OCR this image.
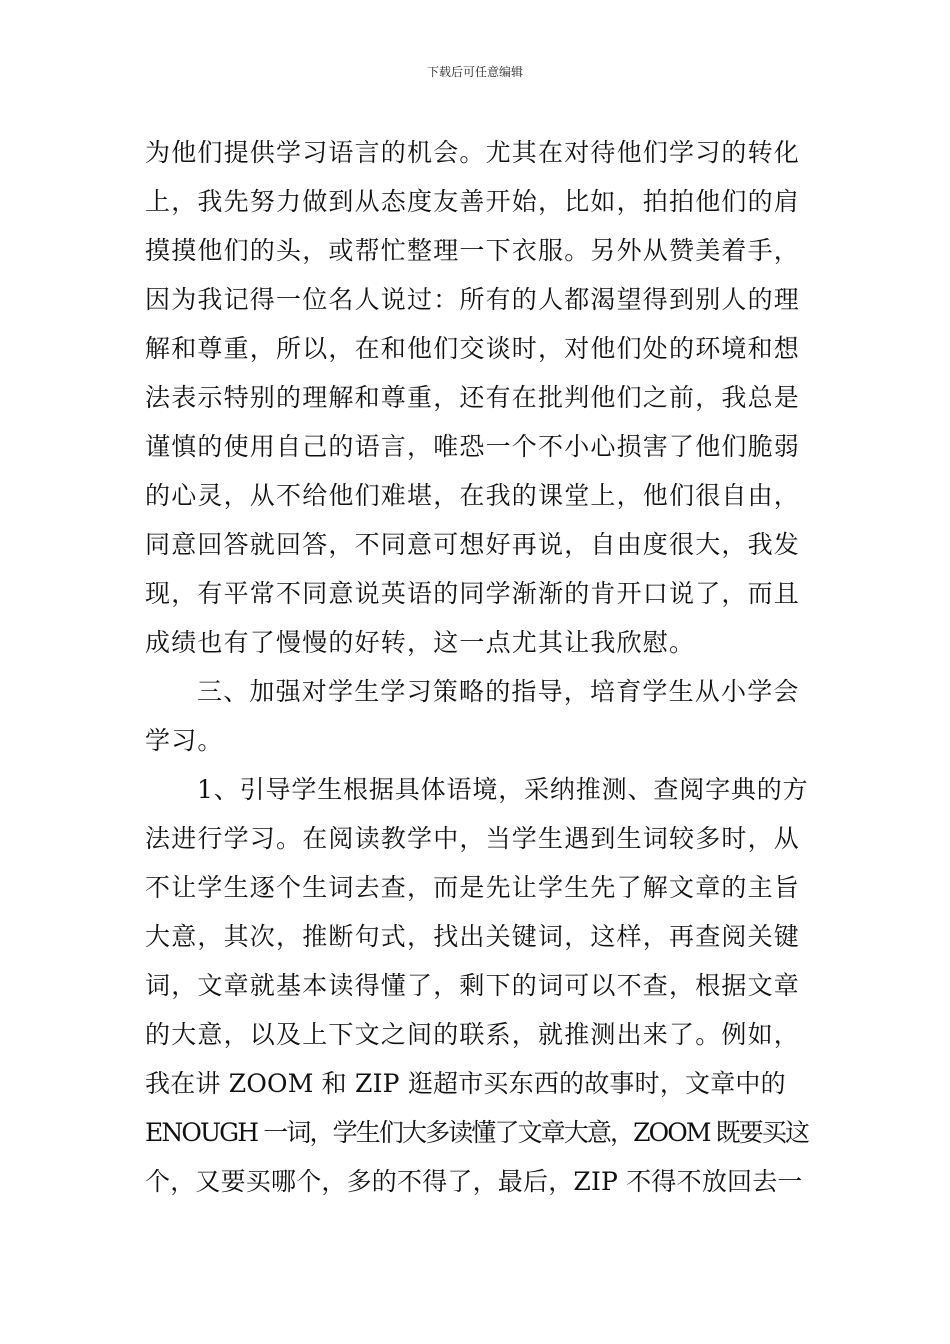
下载后可任意编辑
为他们提供学习语言的机会。尤其在对待他们学习的转化
上，我先努力做到从态度友善开始，比如，拍拍他们的肩
摸摸他们的头，或帮忙整理一下衣服。另外从赞美着手，
因为我记得一位名人说过：所有的人都渴望得到别人的理
解和尊重，所以，在和他们交谈时，对他们处的环境和想
法表示特别的理解和尊重，还有在批判他们之前，我总是
谨慎的使用自己的语言，唯恐一个不小心损害了他们脆弱
的心灵，从不给他们难堪，在我的课堂上，他们很自由，
同意回答就回答，不同意可想好再说，自由度很大，我发
现，有平常不同意说英语的同学渐渐的肯开口说了，而且
成绩也有了慢慢的好转，这一点尤其让我欣慰。
三、加强对学生学习策略的指导，培育学生从小学会
学习。
1、引导学生根据具体语境，采纳推测、查阅字典的方
法进行学习。在阅读教学中，当学生遇到生词较多时，从
不让学生逐个生词去查，而是先让学生先了解文章的主旨
大意，其次，推断句式，找出关键词，这样，再查阅关键
词，文章就基本读得懂了，剩下的词可以不查，根据文章
的大意，以及上下文之间的联系，就推测出来了。例如，
我在讲 ZOOM 和 ZIP 逛超市买东西的故事时，文章中的
ENOUGH 一词，学生们大多读懂了文章大意，ZOOM 既要买这
个，又要买哪个，多的不得了，最后，ZIP 不得不放回去一
